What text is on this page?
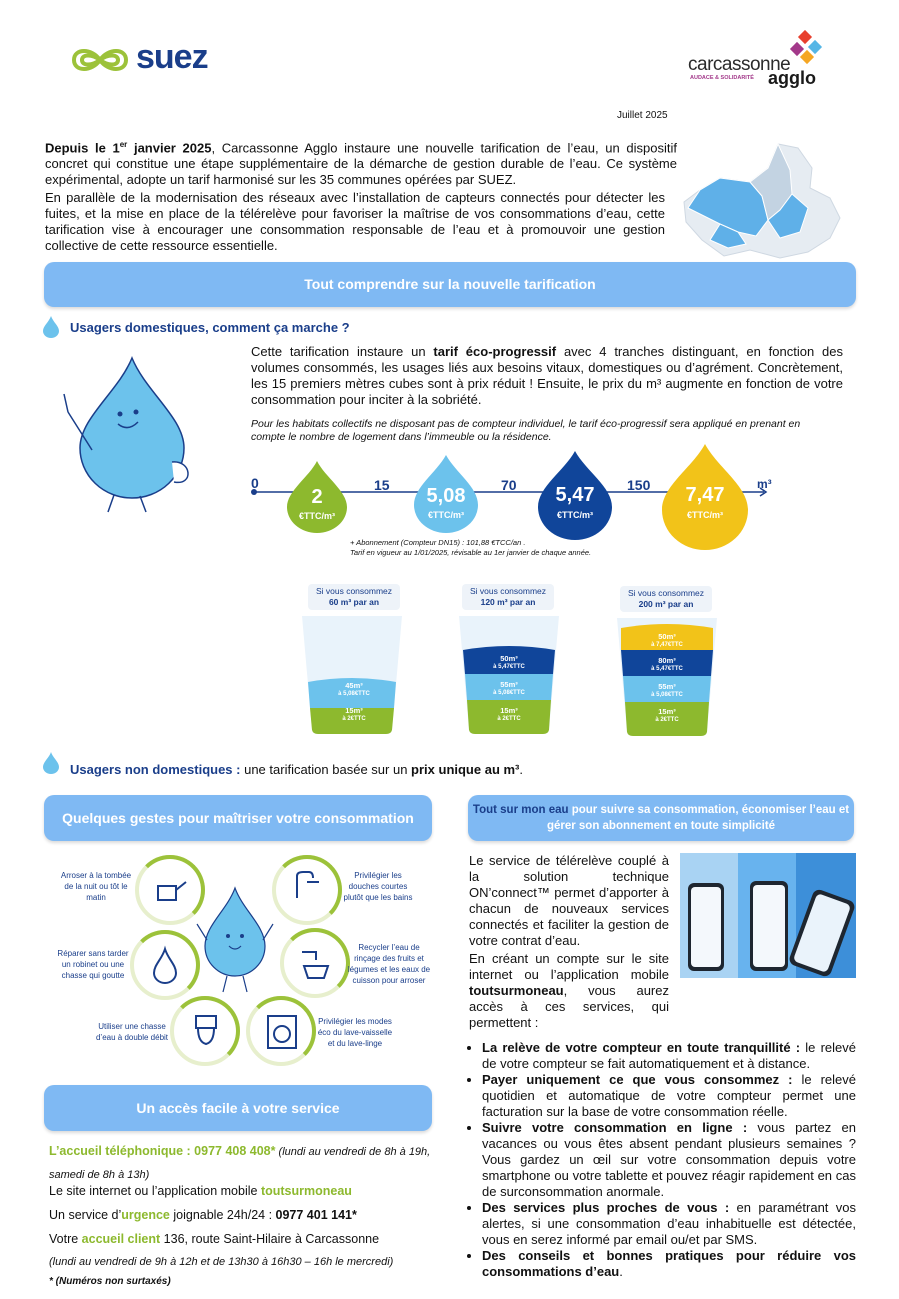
suez	carcassonne
AUDACE & SOLIDARITÉ agglo
Juillet 2025
Depuis le 1er janvier 2025, Carcassonne Agglo instaure une nouvelle tarification de l’eau, un dispositif concret qui constitue une étape supplémentaire de la démarche de gestion durable de l’eau. Ce système expérimental, adopte un tarif harmonisé sur les 35 communes opérées par SUEZ.
En parallèle de la modernisation des réseaux avec l’installation de capteurs connectés pour détecter les fuites, et la mise en place de la télérelève pour favoriser la maîtrise de vos consommations d’eau, cette tarification vise à encourager une consommation responsable de l’eau et à promouvoir une gestion collective de cette ressource essentielle.
Tout comprendre sur la nouvelle tarification
Usagers domestiques, comment ça marche ?
Cette tarification instaure un tarif éco-progressif avec 4 tranches distinguant, en fonction des volumes consommés, les usages liés aux besoins vitaux, domestiques ou d’agrément. Concrètement, les 15 premiers mètres cubes sont à prix réduit ! Ensuite, le prix du m³ augmente en fonction de votre consommation pour inciter à la sobriété.
Pour les habitats collectifs ne disposant pas de compteur individuel, le tarif éco-progressif sera appliqué en prenant en compte le nombre de logement dans l’immeuble ou la résidence.
0	15	70	150	m³
2
€TTC/m³
5,08
€TTC/m³
5,47
€TTC/m³
7,47
€TTC/m³
+ Abonnement (Compteur DN15) : 101,88 €TCC/an .
Tarif en vigueur au 1/01/2025, révisable au 1er janvier de chaque année.
Si vous consommez
60 m³ par an
45m³
à 5,08€TTC
15m³
à 2€TTC
Si vous consommez
120 m³ par an
50m³
à 5,47€TTC
55m³
à 5,08€TTC
15m³
à 2€TTC
Si vous consommez
200 m³ par an
50m³
à 7,47€TTC
80m³
à 5,47€TTC
55m³
à 5,08€TTC
15m³
à 2€TTC
Usagers non domestiques : une tarification basée sur un prix unique au m³.
Quelques gestes pour maîtriser votre consommation
Arroser à la tombée de la nuit ou tôt le matin
Privilégier les douches courtes plutôt que les bains
Réparer sans tarder un robinet ou une chasse qui goutte
Recycler l’eau de rinçage des fruits et légumes et les eaux de cuisson pour arroser
Utiliser une chasse d’eau à double débit
Privilégier les modes éco du lave-vaisselle et du lave-linge
Un accès facile à votre service
L’accueil téléphonique : 0977 408 408* (lundi au vendredi de 8h à 19h, samedi de 8h à 13h)
Le site internet ou l’application mobile toutsurmoneau
Un service d’urgence joignable 24h/24 : 0977 401 141*
Votre accueil client 136, route Saint-Hilaire à Carcassonne
(lundi au vendredi de 9h à 12h et de 13h30 à 16h30 – 16h le mercredi)
* (Numéros non surtaxés)
Tout sur mon eau pour suivre sa consommation, économiser l’eau et gérer son abonnement en toute simplicité
Le service de télérelève couplé à la solution technique ON’connect™ permet d’apporter à chacun de nouveaux services connectés et faciliter la gestion de votre contrat d’eau.
En créant un compte sur le site internet ou l’application mobile toutsurmoneau, vous aurez accès à ces services, qui permettent :
• La relève de votre compteur en toute tranquillité : le relevé de votre compteur se fait automatiquement et à distance.
• Payer uniquement ce que vous consommez : le relevé quotidien et automatique de votre compteur permet une facturation sur la base de votre consommation réelle.
• Suivre votre consommation en ligne : vous partez en vacances ou vous êtes absent pendant plusieurs semaines ? Vous gardez un œil sur votre consommation depuis votre smartphone ou votre tablette et pouvez réagir rapidement en cas de surconsommation anormale.
• Des services plus proches de vous : en paramétrant vos alertes, si une consommation d’eau inhabituelle est détectée, vous en serez informé par email ou/et par SMS.
• Des conseils et bonnes pratiques pour réduire vos consommations d’eau.
